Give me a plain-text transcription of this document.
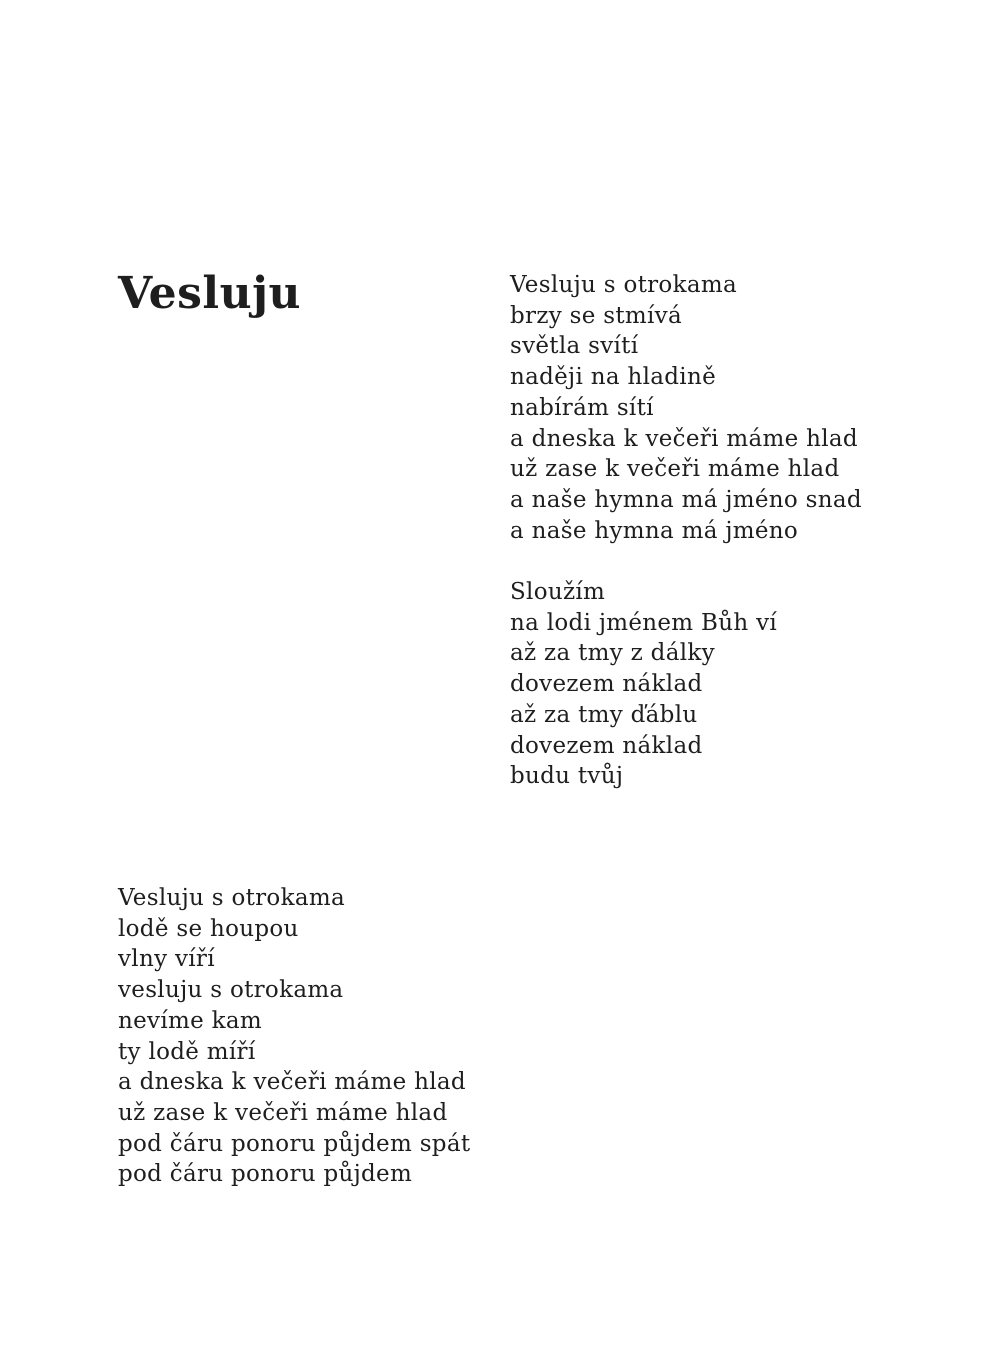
Vesluju	Vesluju s otrokama
brzy se stmívá
světla svítí
naději na hladině
nabírám sítí
a dneska k večeři máme hlad
už zase k večeři máme hlad
a naše hymna má jméno snad
a naše hymna má jméno
Sloužím
na lodi jménem Bůh ví
až za tmy z dálky
dovezem náklad
až za tmy ďáblu
dovezem náklad
budu tvůj
Vesluju s otrokama
lodě se houpou
vlny víří
vesluju s otrokama
nevíme kam
ty lodě míří
a dneska k večeři máme hlad
už zase k večeři máme hlad
pod čáru ponoru půjdem spát
pod čáru ponoru půjdem
